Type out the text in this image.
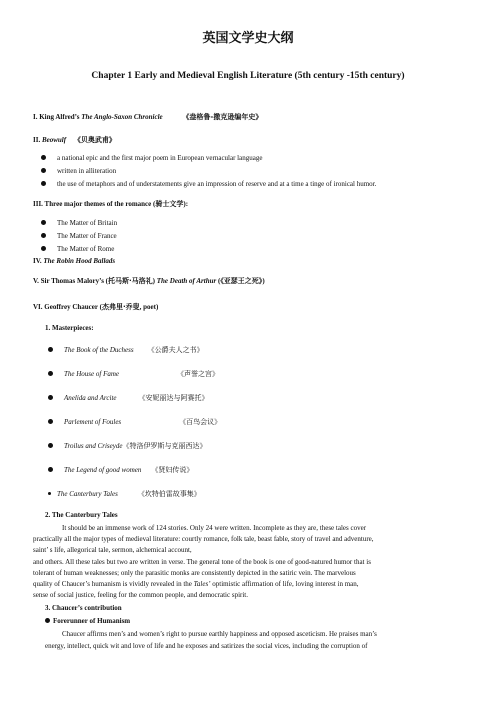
英国文学史大纲
Chapter 1 Early and Medieval English Literature (5th century -15th century)
I. King Alfred’s The Anglo-Saxon Chronicle	《盎格鲁-撒克逊编年史》
II. Beowulf 《贝奥武甫》
a national epic and the first major poem in European vernacular language
written in alliteration
the use of metaphors and of understatements give an impression of reserve and at a time a tinge of ironical humor.
III. Three major themes of the romance (骑士文学):
The Matter of Britain
The Matter of France
The Matter of Rome
IV. The Robin Hood Ballads
V. Sir Thomas Malory’s (托马斯·马洛礼) The Death of Arthur (《亚瑟王之死》)
VI. Geoffrey Chaucer (杰弗里·乔叟, poet)
1. Masterpieces:
The Book of the Duchess 《公爵夫人之书》
The House of Fame	《声誉之宫》
Anelida and Arcite	《安妮丽达与阿赛托》
Parlement of Foules	《百鸟会议》
Troilus and Criseyde《特洛伊罗斯与克丽西达》
The Legend of good women 《贤妇传说》
The Canterbury Tales	《坎特伯雷故事集》
2. The Canterbury Tales
It should be an immense work of 124 stories. Only 24 were written. Incomplete as they are, these tales cover
practically all the major types of medieval literature: courtly romance, folk tale, beast fable, story of travel and adventure,
saint’ s life, allegorical tale, sermon, alchemical account,
and others. All these tales but two are written in verse. The general tone of the book is one of good-natured humor that is
tolerant of human weaknesses; only the parasitic monks are consistently depicted in the satiric vein. The marvelous
quality of Chaucer’s humanism is vividly revealed in the Tales’ optimistic affirmation of life, loving interest in man,
sense of social justice, feeling for the common people, and democratic spirit.
3. Chaucer’s contribution
Forerunner of Humanism
Chaucer affirms men’s and women’s right to pursue earthly happiness and opposed asceticism. He praises man’s
energy, intellect, quick wit and love of life and he exposes and satirizes the social vices, including the corruption of
